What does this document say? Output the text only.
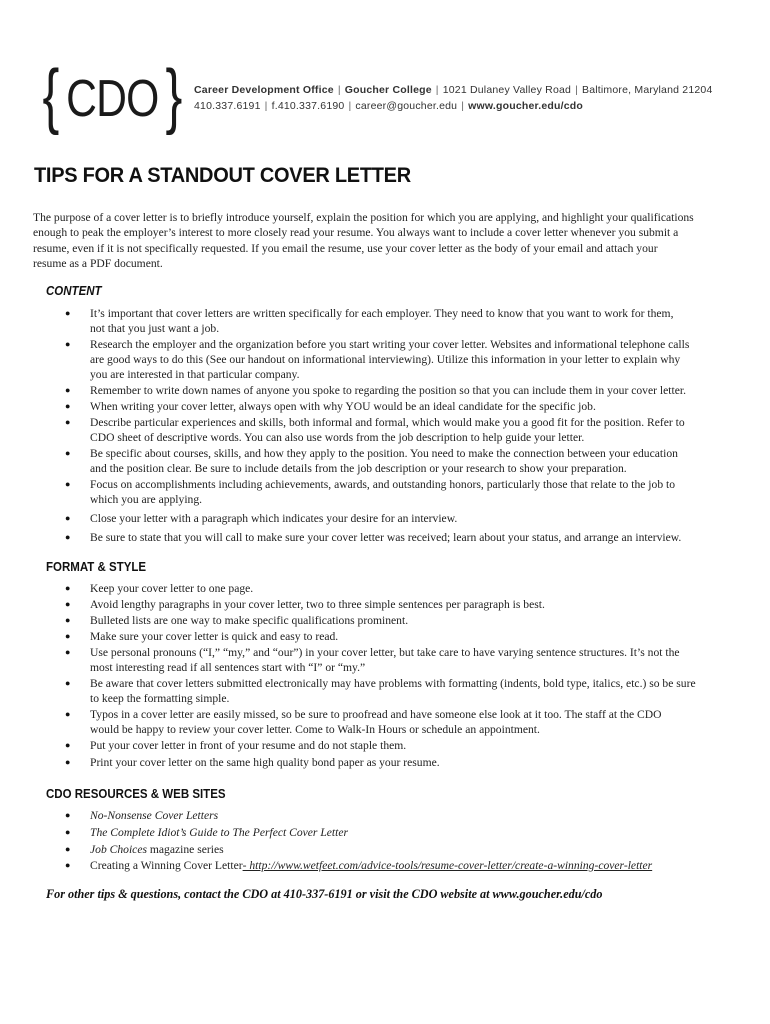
{ CDO } Career Development Office | Goucher College | 1021 Dulaney Valley Road | Baltimore, Maryland 21204
410.337.6191 | f.410.337.6190 | career@goucher.edu | www.goucher.edu/cdo
TIPS FOR A STANDOUT COVER LETTER

The purpose of a cover letter is to briefly introduce yourself, explain the position for which you are applying, and highlight your qualifications
enough to peak the employer’s interest to more closely read your resume. You always want to include a cover letter whenever you submit a
resume, even if it is not specifically requested. If you email the resume, use your cover letter as the body of your email and attach your
resume as a PDF document.

CONTENT
● It’s important that cover letters are written specifically for each employer. They need to know that you want to work for them,
not that you just want a job.
● Research the employer and the organization before you start writing your cover letter. Websites and informational telephone calls
are good ways to do this (See our handout on informational interviewing). Utilize this information in your letter to explain why
you are interested in that particular company.
● Remember to write down names of anyone you spoke to regarding the position so that you can include them in your cover letter.
● When writing your cover letter, always open with why YOU would be an ideal candidate for the specific job.
● Describe particular experiences and skills, both informal and formal, which would make you a good fit for the position. Refer to
CDO sheet of descriptive words. You can also use words from the job description to help guide your letter.
● Be specific about courses, skills, and how they apply to the position. You need to make the connection between your education
and the position clear. Be sure to include details from the job description or your research to show your preparation.
● Focus on accomplishments including achievements, awards, and outstanding honors, particularly those that relate to the job to
which you are applying.
● Close your letter with a paragraph which indicates your desire for an interview.
● Be sure to state that you will call to make sure your cover letter was received; learn about your status, and arrange an interview.
FORMAT & STYLE
● Keep your cover letter to one page.
● Avoid lengthy paragraphs in your cover letter, two to three simple sentences per paragraph is best.
● Bulleted lists are one way to make specific qualifications prominent.
● Make sure your cover letter is quick and easy to read.
● Use personal pronouns (“I,” “my,” and “our”) in your cover letter, but take care to have varying sentence structures. It’s not the
most interesting read if all sentences start with “I” or “my.”
● Be aware that cover letters submitted electronically may have problems with formatting (indents, bold type, italics, etc.) so be sure
to keep the formatting simple.
● Typos in a cover letter are easily missed, so be sure to proofread and have someone else look at it too. The staff at the CDO
would be happy to review your cover letter. Come to Walk-In Hours or schedule an appointment.
● Put your cover letter in front of your resume and do not staple them.
● Print your cover letter on the same high quality bond paper as your resume.
CDO RESOURCES & WEB SITES
● No-Nonsense Cover Letters
● The Complete Idiot’s Guide to The Perfect Cover Letter
● Job Choices magazine series
● Creating a Winning Cover Letter- http://www.wetfeet.com/advice-tools/resume-cover-letter/create-a-winning-cover-letter

For other tips & questions, contact the CDO at 410-337-6191 or visit the CDO website at www.goucher.edu/cdo
